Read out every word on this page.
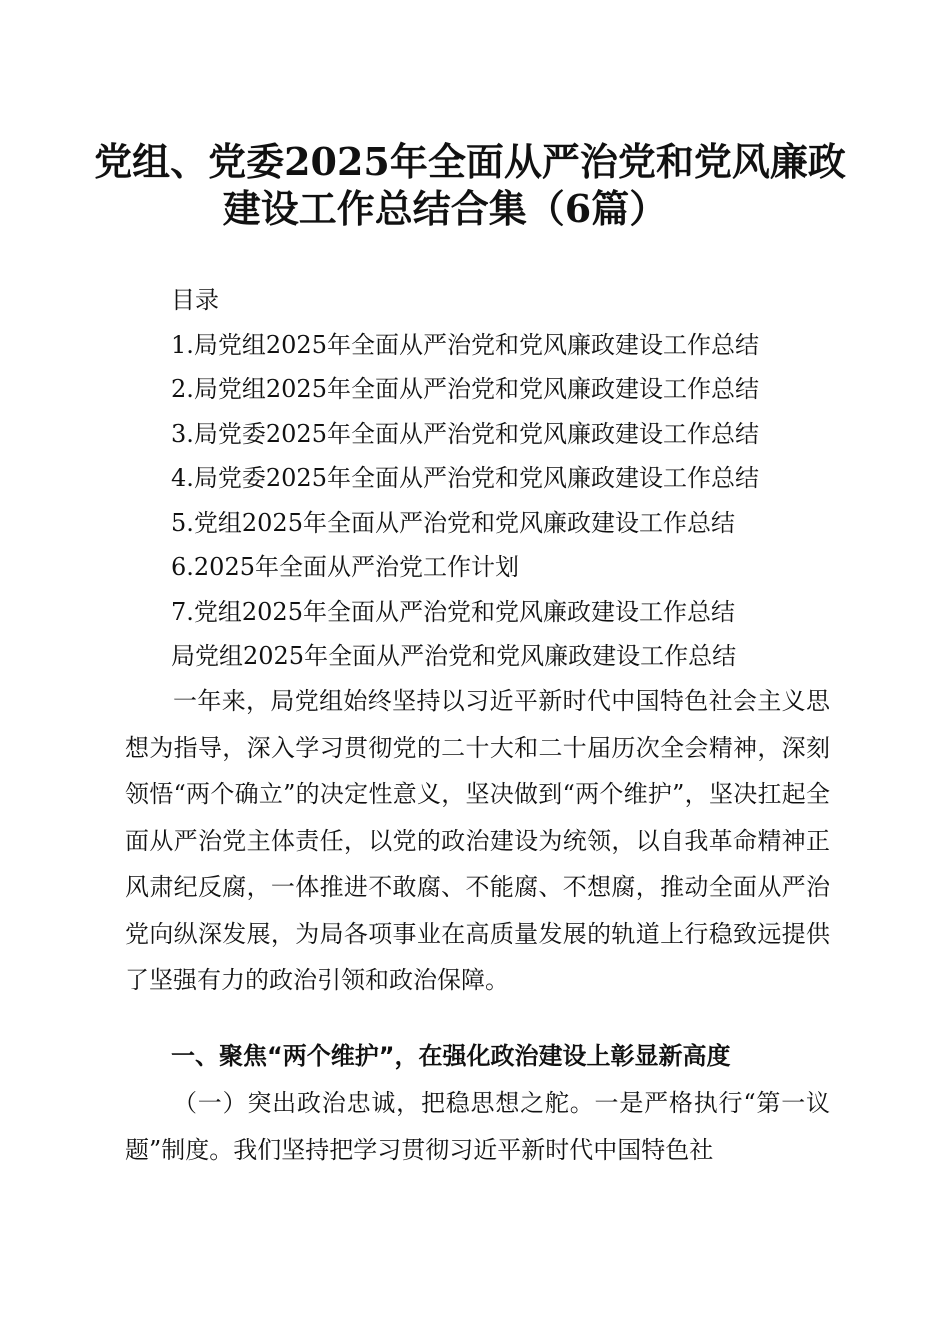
党组、党委2025年全面从严治党和党风廉政
建设工作总结合集（6篇）
目录
1.局党组2025年全面从严治党和党风廉政建设工作总结
2.局党组2025年全面从严治党和党风廉政建设工作总结
3.局党委2025年全面从严治党和党风廉政建设工作总结
4.局党委2025年全面从严治党和党风廉政建设工作总结
5.党组2025年全面从严治党和党风廉政建设工作总结
6.2025年全面从严治党工作计划
7.党组2025年全面从严治党和党风廉政建设工作总结
局党组2025年全面从严治党和党风廉政建设工作总结

一年来，局党组始终坚持以习近平新时代中国特色社会主义思想为指导，深入学习贯彻党的二十大和二十届历次全会精神，深刻领悟“两个确立”的决定性意义，坚决做到“两个维护”，坚决扛起全面从严治党主体责任，以党的政治建设为统领，以自我革命精神正风肃纪反腐，一体推进不敢腐、不能腐、不想腐，推动全面从严治党向纵深发展，为局各项事业在高质量发展的轨道上行稳致远提供了坚强有力的政治引领和政治保障。

一、聚焦“两个维护”，在强化政治建设上彰显新高度

（一）突出政治忠诚，把稳思想之舵。一是严格执行“第一议题”制度。我们坚持把学习贯彻习近平新时代中国特色社
